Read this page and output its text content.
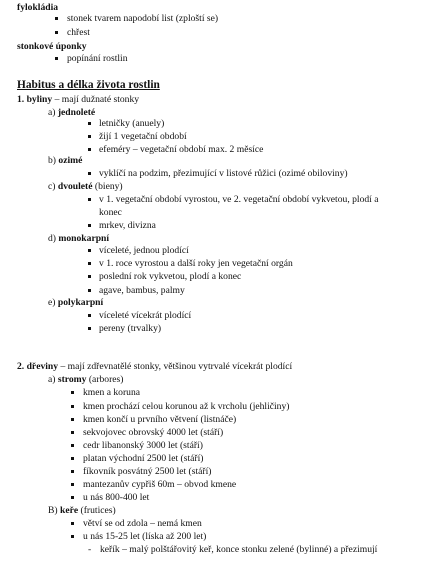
fylokládia
stonek tvarem napodobí list (zploští se)
chřest
stonkové úponky
popínání rostlin
Habitus a délka života rostlin
1. byliny – mají dužnaté stonky
a) jednoleté
letničky (anuely)
žijí 1 vegetační období
efeméry – vegetační období max. 2 měsíce
b) ozimé
vyklíčí na podzim, přezimující v listové růžici (ozimé obiloviny)
c) dvouleté (bieny)
v 1. vegetační období vyrostou, ve 2. vegetační období vykvetou, plodí a
konec
mrkev, divizna
d) monokarpní
víceleté, jednou plodící
v 1. roce vyrostou a další roky jen vegetační orgán
poslední rok vykvetou, plodí a konec
agave, bambus, palmy
e) polykarpní
víceleté vícekrát plodící
pereny (trvalky)
2. dřeviny – mají zdřevnatělé stonky, většinou vytrvalé vícekrát plodící
a) stromy (arbores)
kmen a koruna
kmen prochází celou korunou až k vrcholu (jehličiny)
kmen končí u prvního větvení (listnáče)
sekvojovec obrovský 4000 let (stáří)
cedr libanonský 3000 let (stáří)
platan východní 2500 let (stáří)
fíkovník posvátný 2500 let (stáří)
mantezanův cypřiš 60m – obvod kmene
u nás 800-400 let
B) keře (frutices)
větví se od zdola – nemá kmen
u nás 15-25 let (líska až 200 let)
- keřík – malý polštářovitý keř, konce stonku zelené (bylinné) a přezimují
